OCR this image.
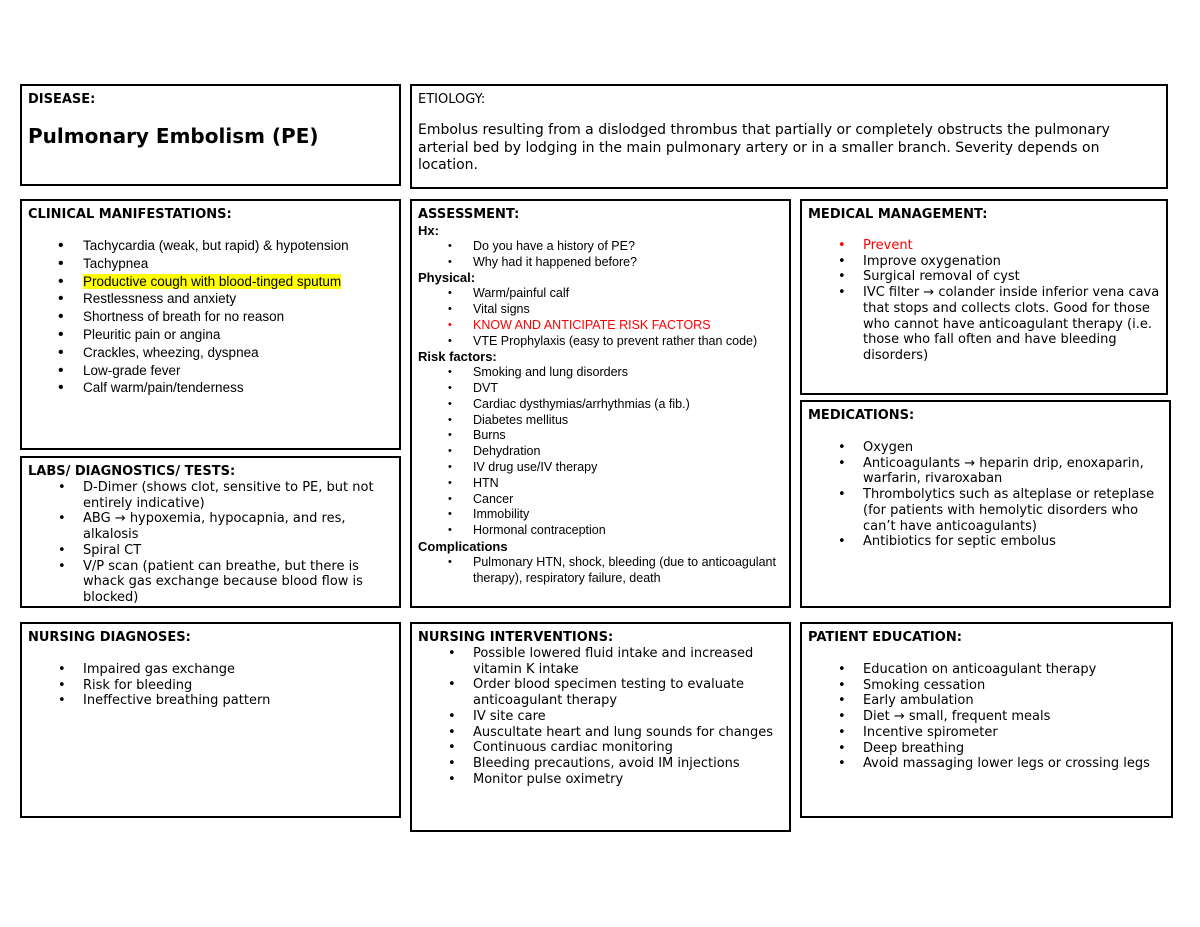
DISEASE:
Pulmonary Embolism (PE)
ETIOLOGY:
Embolus resulting from a dislodged thrombus that partially or completely obstructs the pulmonary arterial bed by lodging in the main pulmonary artery or in a smaller branch. Severity depends on location.
CLINICAL MANIFESTATIONS:
• Tachycardia (weak, but rapid) & hypotension
• Tachypnea
• Productive cough with blood-tinged sputum
• Restlessness and anxiety
• Shortness of breath for no reason
• Pleuritic pain or angina
• Crackles, wheezing, dyspnea
• Low-grade fever
• Calf warm/pain/tenderness
ASSESSMENT:
Hx:
• Do you have a history of PE?
• Why had it happened before?
Physical:
• Warm/painful calf
• Vital signs
• KNOW AND ANTICIPATE RISK FACTORS
• VTE Prophylaxis (easy to prevent rather than code)
Risk factors:
• Smoking and lung disorders
• DVT
• Cardiac dysthymias/arrhythmias (a fib.)
• Diabetes mellitus
• Burns
• Dehydration
• IV drug use/IV therapy
• HTN
• Cancer
• Immobility
• Hormonal contraception
Complications
• Pulmonary HTN, shock, bleeding (due to anticoagulant therapy), respiratory failure, death
MEDICAL MANAGEMENT:
• Prevent
• Improve oxygenation
• Surgical removal of cyst
• IVC filter → colander inside inferior vena cava that stops and collects clots. Good for those who cannot have anticoagulant therapy (i.e. those who fall often and have bleeding disorders)
MEDICATIONS:
• Oxygen
• Anticoagulants → heparin drip, enoxaparin, warfarin, rivaroxaban
• Thrombolytics such as alteplase or reteplase (for patients with hemolytic disorders who can’t have anticoagulants)
• Antibiotics for septic embolus
LABS/ DIAGNOSTICS/ TESTS:
• D-Dimer (shows clot, sensitive to PE, but not entirely indicative)
• ABG → hypoxemia, hypocapnia, and res, alkalosis
• Spiral CT
• V/P scan (patient can breathe, but there is whack gas exchange because blood flow is blocked)
NURSING DIAGNOSES:
• Impaired gas exchange
• Risk for bleeding
• Ineffective breathing pattern
NURSING INTERVENTIONS:
• Possible lowered fluid intake and increased vitamin K intake
• Order blood specimen testing to evaluate anticoagulant therapy
• IV site care
• Auscultate heart and lung sounds for changes
• Continuous cardiac monitoring
• Bleeding precautions, avoid IM injections
• Monitor pulse oximetry
PATIENT EDUCATION:
• Education on anticoagulant therapy
• Smoking cessation
• Early ambulation
• Diet → small, frequent meals
• Incentive spirometer
• Deep breathing
• Avoid massaging lower legs or crossing legs
